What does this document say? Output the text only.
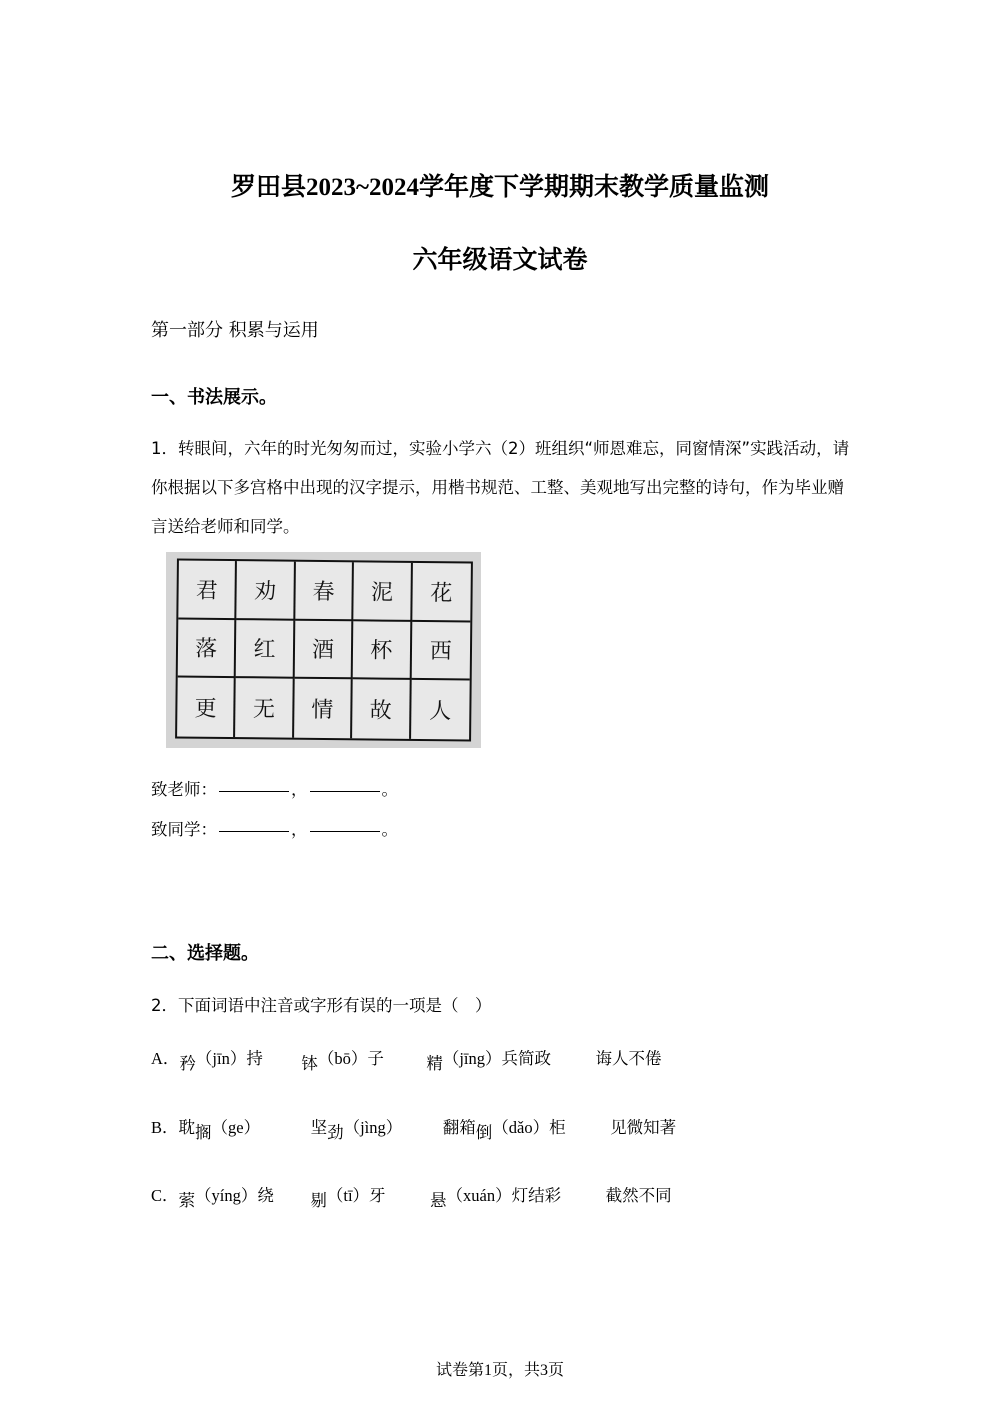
罗田县2023~2024学年度下学期期末教学质量监测
六年级语文试卷
第一部分 积累与运用
一、书法展示。
1．转眼间，六年的时光匆匆而过，实验小学六（2）班组织“师恩难忘，同窗情深”实践活动，请你根据以下多宫格中出现的汉字提示，用楷书规范、工整、美观地写出完整的诗句，作为毕业赠言送给老师和同学。
君	劝	春	泥	花
落	红	酒	杯	西
更	无	情	故	人
致老师：	，	。
致同学：	，	。
二、选择题。
2．下面词语中注音或字形有误的一项是（　）
A．矜（jīn）持 钵（bō）子	精（jīng）兵简政	诲人不倦
B．耽搁（ge）	坚劲（jìng） 翻箱倒（dǎo）柜	见微知著
C．萦（yíng）绕 剔（tī）牙	悬（xuán）灯结彩	截然不同
试卷第1页，共3页
